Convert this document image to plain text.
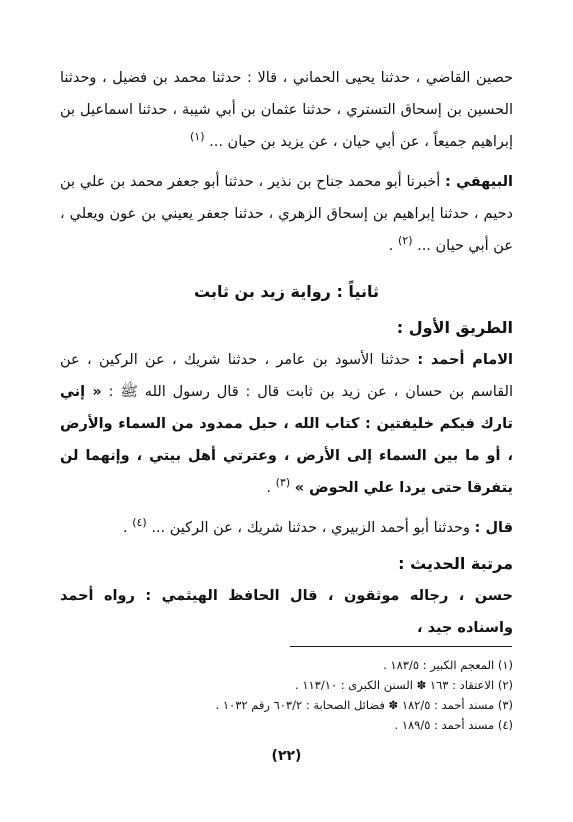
حصين القاضي ، حدثنا يحيى الحماني ، قالا : حدثنا محمد بن فضيل ، وحدثنا الحسين بن إسحاق التستري ، حدثنا عثمان بن أبي شيبة ، حدثنا اسماعيل بن إبراهيم جميعاً ، عن أبي حيان ، عن يزيد بن حيان ... $^{(١)}$

البيهقي : أخبرنا أبو محمد جناح بن نذير ، حدثنا أبو جعفر محمد بن علي بن دحيم ، حدثنا إبراهيم بن إسحاق الزهري ، حدثنا جعفر يعيني بن عون ويعلي ، عن أبي حيان ... $^{(٢)}$ .

ثانياً : رواية زيد بن ثابت

الطريق الأول :

الامام أحمد : حدثنا الأسود بن عامر ، حدثنا شريك ، عن الركين ، عن القاسم بن حسان ، عن زيد بن ثابت قال : قال رسول الله ﷺ : « إني تارك فيكم خليفتين : كتاب الله ، حبل ممدود من السماء والأرض ، أو ما بين السماء إلى الأرض ، وعترتي أهل بيتي ، وإنهما لن يتفرقا حتى يردا علي الحوض » $^{(٣)}$ .

قال : وحدثنا أبو أحمد الزبيري ، حدثنا شريك ، عن الركين ... $^{(٤)}$ .

مرتبة الحديث :

حسن ، رجاله موثقون ، قال الحافظ الهيثمي : رواه أحمد واسناده جيد ،

(١) المعجم الكبير : ١٨٣/٥ .

(٢) الاعتقاد : ١٦٣ ✽ السنن الكبرى : ١١٣/١٠ .

(٣) مسند أحمد : ١٨٢/٥ ✽ فضائل الصحابة : ٦٠٣/٢ رقم ١٠٣٢ .

(٤) مسند أحمد : ١٨٩/٥ .

(٢٢)
